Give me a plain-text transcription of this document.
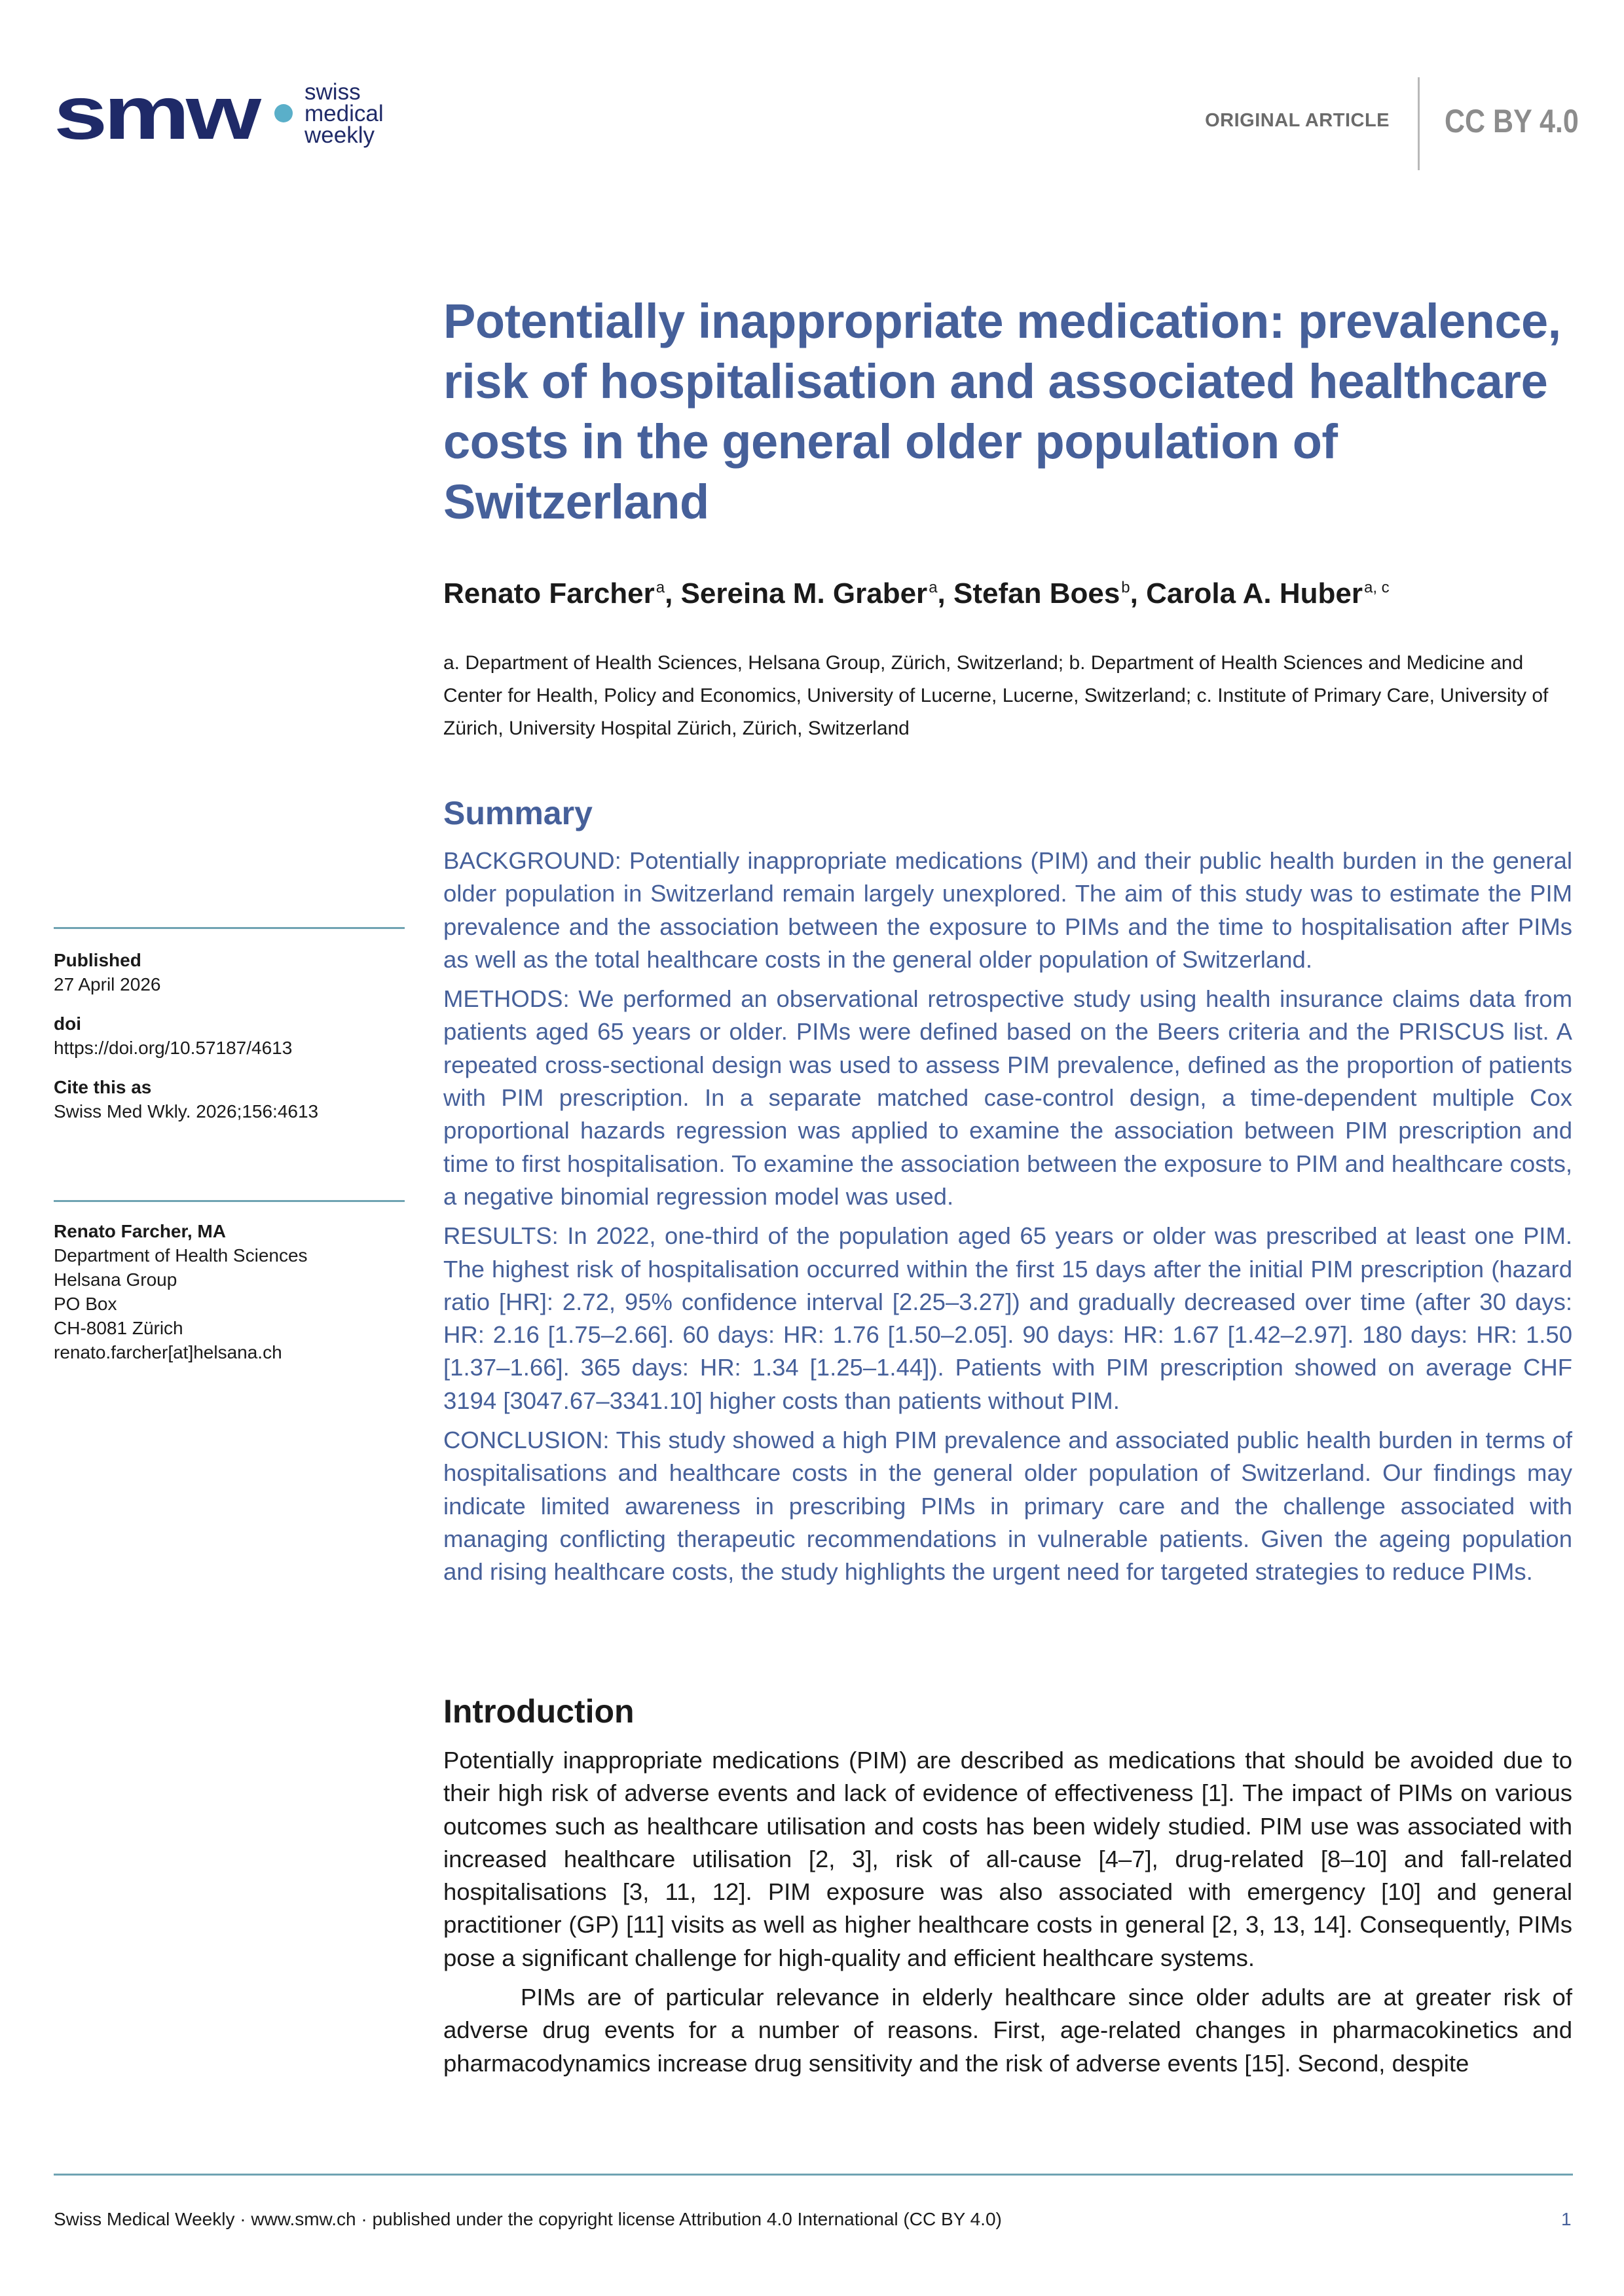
smw swiss
medical
weekly
ORIGINAL ARTICLE CC BY 4.0
Potentially inappropriate medication: prevalence, risk of hospitalisation and associated healthcare costs in the general older population of Switzerland

Renato Farcher$^a$, Sereina M. Graber$^a$, Stefan Boes$^b$, Carola A. Huber$^{a, c}$

a. Department of Health Sciences, Helsana Group, Zürich, Switzerland; b. Department of Health Sciences and Medicine and Center for Health, Policy and Economics, University of Lucerne, Lucerne, Switzerland; c. Institute of Primary Care, University of Zürich, University Hospital Zürich, Zürich, Switzerland

Published
27 April 2026
doi
https://doi.org/10.57187/4613
Cite this as
Swiss Med Wkly. 2026;156:4613
Renato Farcher, MA
Department of Health Sciences
Helsana Group
PO Box
CH-8081 Zürich
renato.farcher[at]helsana.ch
Summary

BACKGROUND: Potentially inappropriate medications (PIM) and their public health burden in the general older population in Switzerland remain largely unexplored. The aim of this study was to estimate the PIM prevalence and the association between the exposure to PIMs and the time to hospitalisation after PIMs as well as the total healthcare costs in the general older population of Switzerland.

METHODS: We performed an observational retrospective study using health insurance claims data from patients aged 65 years or older. PIMs were defined based on the Beers criteria and the PRISCUS list. A repeated cross-sectional design was used to assess PIM prevalence, defined as the proportion of patients with PIM prescription. In a separate matched case-control design, a time-dependent multiple Cox proportional hazards regression was applied to examine the association between PIM prescription and time to first hospitalisation. To examine the association between the exposure to PIM and healthcare costs, a negative binomial regression model was used.

RESULTS: In 2022, one-third of the population aged 65 years or older was prescribed at least one PIM. The highest risk of hospitalisation occurred within the first 15 days after the initial PIM prescription (hazard ratio [HR]: 2.72, 95% confidence interval [2.25–3.27]) and gradually decreased over time (after 30 days: HR: 2.16 [1.75–2.66]. 60 days: HR: 1.76 [1.50–2.05]. 90 days: HR: 1.67 [1.42–2.97]. 180 days: HR: 1.50 [1.37–1.66]. 365 days: HR: 1.34 [1.25–1.44]). Patients with PIM prescription showed on average CHF 3194 [3047.67–3341.10] higher costs than patients without PIM.

CONCLUSION: This study showed a high PIM prevalence and associated public health burden in terms of hospitalisations and healthcare costs in the general older population of Switzerland. Our findings may indicate limited awareness in prescribing PIMs in primary care and the challenge associated with managing conflicting therapeutic recommendations in vulnerable patients. Given the ageing population and rising healthcare costs, the study highlights the urgent need for targeted strategies to reduce PIMs.

Introduction

Potentially inappropriate medications (PIM) are described as medications that should be avoided due to their high risk of adverse events and lack of evidence of effectiveness [1]. The impact of PIMs on various outcomes such as healthcare utilisation and costs has been widely studied. PIM use was associated with increased healthcare utilisation [2, 3], risk of all-cause [4–7], drug-related [8–10] and fall-related hospitalisations [3, 11, 12]. PIM exposure was also associated with emergency [10] and general practitioner (GP) [11] visits as well as higher healthcare costs in general [2, 3, 13, 14]. Consequently, PIMs pose a significant challenge for high-quality and efficient healthcare systems.

PIMs are of particular relevance in elderly healthcare since older adults are at greater risk of adverse drug events for a number of reasons. First, age-related changes in pharmacokinetics and pharmacodynamics increase drug sensitivity and the risk of adverse events [15]. Second, despite

Swiss Medical Weekly · www.smw.ch · published under the copyright license Attribution 4.0 International (CC BY 4.0)	1
